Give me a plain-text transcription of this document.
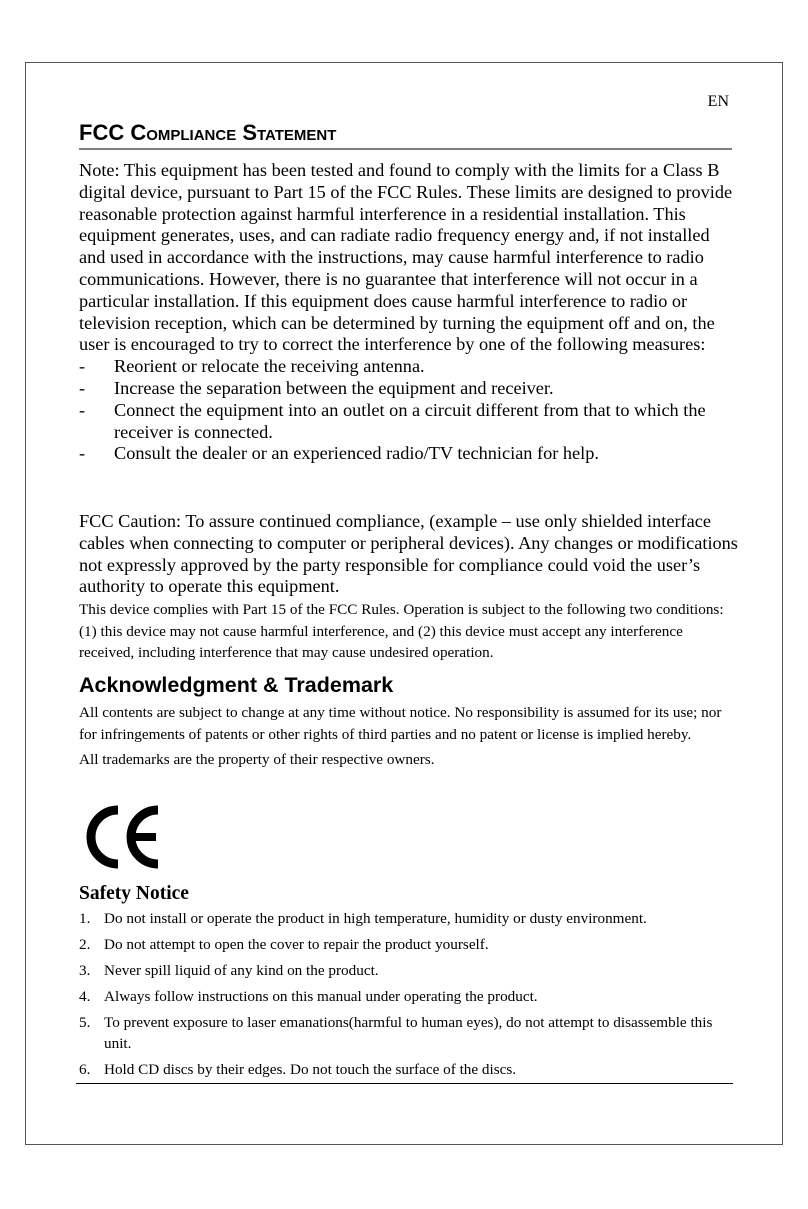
EN
FCC Compliance Statement

Note: This equipment has been tested and found to comply with the limits for a Class B digital device, pursuant to Part 15 of the FCC Rules. These limits are designed to provide reasonable protection against harmful interference in a residential installation. This equipment generates, uses, and can radiate radio frequency energy and, if not installed and used in accordance with the instructions, may cause harmful interference to radio communications. However, there is no guarantee that interference will not occur in a particular installation. If this equipment does cause harmful interference to radio or television reception, which can be determined by turning the equipment off and on, the user is encouraged to try to correct the interference by one of the following measures:

- Reorient or relocate the receiving antenna.
- Increase the separation between the equipment and receiver.
- Connect the equipment into an outlet on a circuit different from that to which the receiver is connected.
- Consult the dealer or an experienced radio/TV technician for help.

FCC Caution: To assure continued compliance, (example – use only shielded interface cables when connecting to computer or peripheral devices). Any changes or modifications not expressly approved by the party responsible for compliance could void the user’s authority to operate this equipment.

This device complies with Part 15 of the FCC Rules. Operation is subject to the following two conditions: (1) this device may not cause harmful interference, and (2) this device must accept any interference received, including interference that may cause undesired operation.
Acknowledgment & Trademark

All contents are subject to change at any time without notice. No responsibility is assumed for its use; nor for infringements of patents or other rights of third parties and no patent or license is implied hereby.

All trademarks are the property of their respective owners.

Safety Notice
1. Do not install or operate the product in high temperature, humidity or dusty environment.
2. Do not attempt to open the cover to repair the product yourself.
3. Never spill liquid of any kind on the product.
4. Always follow instructions on this manual under operating the product.
5. To prevent exposure to laser emanations(harmful to human eyes), do not attempt to disassemble this unit.
6. Hold CD discs by their edges. Do not touch the surface of the discs.
